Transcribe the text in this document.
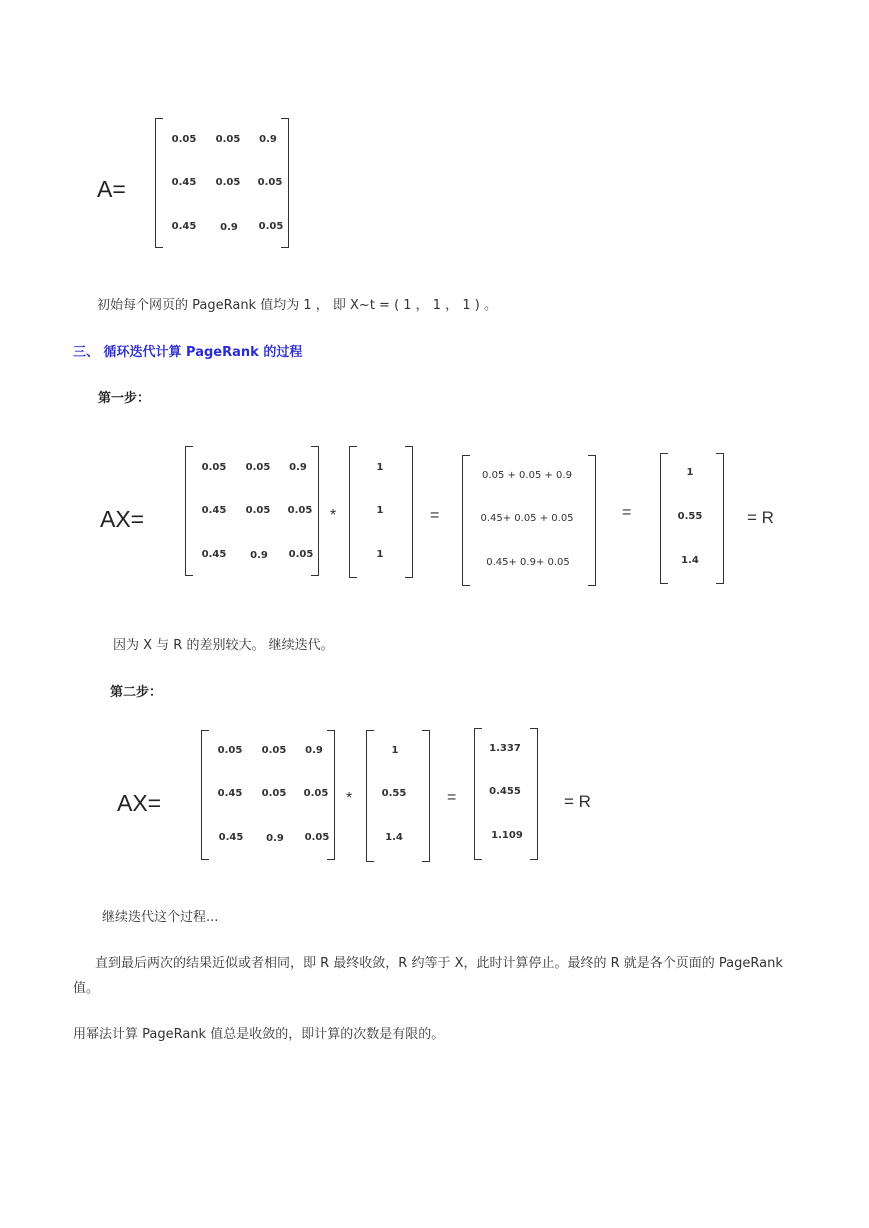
A=
0.05 0.05 0.9
0.45 0.05 0.05
0.45 0.9 0.05
初始每个网页的 PageRank 值均为 1 ， 即 X~t = ( 1 ， 1 ， 1 ) 。
三、 循环迭代计算 PageRank 的过程
第一步：
AX=
0.05 0.05 0.9
0.45 0.05 0.05
0.45 0.9 0.05
*
1
1
1
=
0.05 + 0.05 + 0.9
0.45+ 0.05 + 0.05
0.45+ 0.9+ 0.05
=
1
0.55
1.4
= R
因为 X 与 R 的差别较大。 继续迭代。
第二步：
AX=
0.05 0.05 0.9
0.45 0.05 0.05
0.45 0.9 0.05
*
1
0.55
1.4
=
1.337
0.455
1.109
= R
继续迭代这个过程...
直到最后两次的结果近似或者相同，即 R 最终收敛，R 约等于 X，此时计算停止。最终的 R 就是各个页面的 PageRank
值。
用幂法计算 PageRank 值总是收敛的，即计算的次数是有限的。
